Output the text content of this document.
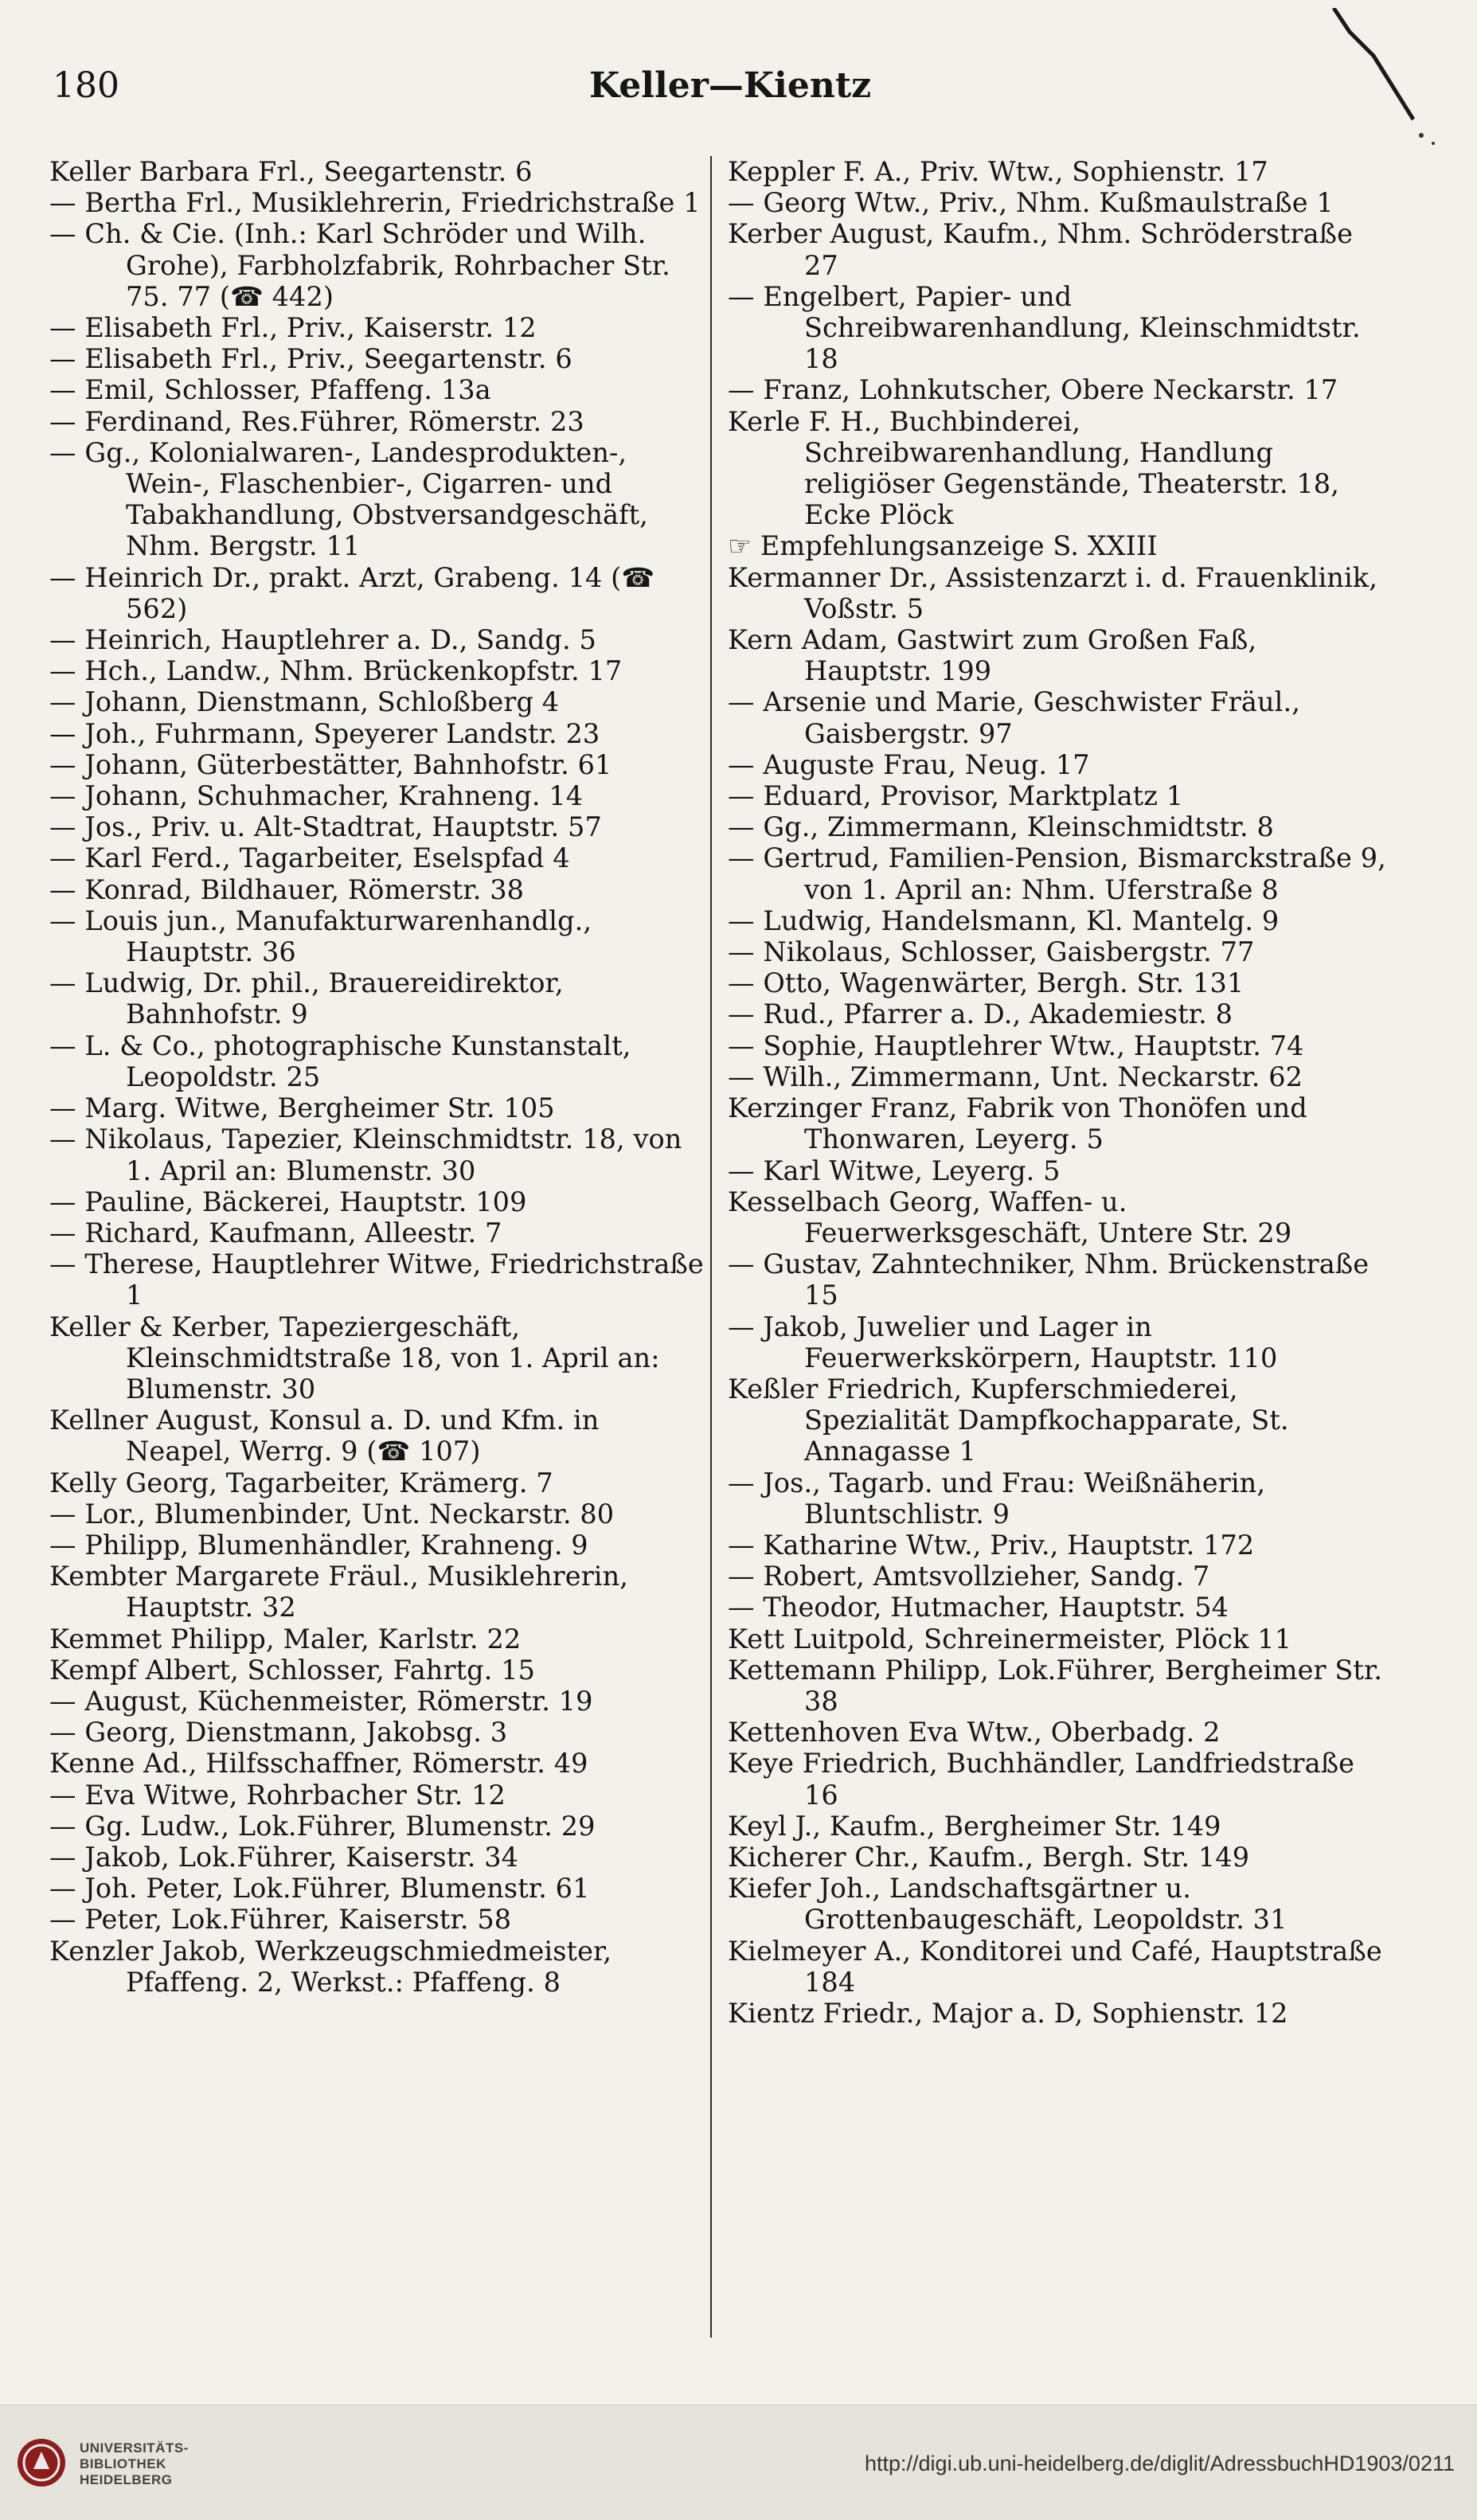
180	Keller—Kientz
Keller Barbara Frl., Seegartenstr. 6
— Bertha Frl., Musiklehrerin, Friedrichstraße 1
— Ch. & Cie. (Inh.: Karl Schröder und Wilh. Grohe), Farbholzfabrik, Rohrbacher Str. 75. 77 (☎ 442)
— Elisabeth Frl., Priv., Kaiserstr. 12
— Elisabeth Frl., Priv., Seegartenstr. 6
— Emil, Schlosser, Pfaffeng. 13a
— Ferdinand, Res.Führer, Römerstr. 23
— Gg., Kolonialwaren-, Landesprodukten-, Wein-, Flaschenbier-, Cigarren- und Tabakhandlung, Obstversandgeschäft, Nhm. Bergstr. 11
— Heinrich Dr., prakt. Arzt, Grabeng. 14 (☎ 562)
— Heinrich, Hauptlehrer a. D., Sandg. 5
— Hch., Landw., Nhm. Brückenkopfstr. 17
— Johann, Dienstmann, Schloßberg 4
— Joh., Fuhrmann, Speyerer Landstr. 23
— Johann, Güterbestätter, Bahnhofstr. 61
— Johann, Schuhmacher, Krahneng. 14
— Jos., Priv. u. Alt-Stadtrat, Hauptstr. 57
— Karl Ferd., Tagarbeiter, Eselspfad 4
— Konrad, Bildhauer, Römerstr. 38
— Louis jun., Manufakturwarenhandlg., Hauptstr. 36
— Ludwig, Dr. phil., Brauereidirektor, Bahnhofstr. 9
— L. & Co., photographische Kunstanstalt, Leopoldstr. 25
— Marg. Witwe, Bergheimer Str. 105
— Nikolaus, Tapezier, Kleinschmidtstr. 18, von 1. April an: Blumenstr. 30
— Pauline, Bäckerei, Hauptstr. 109
— Richard, Kaufmann, Alleestr. 7
— Therese, Hauptlehrer Witwe, Friedrichstraße 1
Keller & Kerber, Tapeziergeschäft, Kleinschmidtstraße 18, von 1. April an: Blumenstr. 30
Kellner August, Konsul a. D. und Kfm. in Neapel, Werrg. 9 (☎ 107)
Kelly Georg, Tagarbeiter, Krämerg. 7
— Lor., Blumenbinder, Unt. Neckarstr. 80
— Philipp, Blumenhändler, Krahneng. 9
Kembter Margarete Fräul., Musiklehrerin, Hauptstr. 32
Kemmet Philipp, Maler, Karlstr. 22
Kempf Albert, Schlosser, Fahrtg. 15
— August, Küchenmeister, Römerstr. 19
— Georg, Dienstmann, Jakobsg. 3
Kenne Ad., Hilfsschaffner, Römerstr. 49
— Eva Witwe, Rohrbacher Str. 12
— Gg. Ludw., Lok.Führer, Blumenstr. 29
— Jakob, Lok.Führer, Kaiserstr. 34
— Joh. Peter, Lok.Führer, Blumenstr. 61
— Peter, Lok.Führer, Kaiserstr. 58
Kenzler Jakob, Werkzeugschmiedmeister, Pfaffeng. 2, Werkst.: Pfaffeng. 8
Keppler F. A., Priv. Wtw., Sophienstr. 17
— Georg Wtw., Priv., Nhm. Kußmaulstraße 1
Kerber August, Kaufm., Nhm. Schröderstraße 27
— Engelbert, Papier- und Schreibwarenhandlung, Kleinschmidtstr. 18
— Franz, Lohnkutscher, Obere Neckarstr. 17
Kerle F. H., Buchbinderei, Schreibwarenhandlung, Handlung religiöser Gegenstände, Theaterstr. 18, Ecke Plöck
☞ Empfehlungsanzeige S. XXIII
Kermanner Dr., Assistenzarzt i. d. Frauenklinik, Voßstr. 5
Kern Adam, Gastwirt zum Großen Faß, Hauptstr. 199
— Arsenie und Marie, Geschwister Fräul., Gaisbergstr. 97
— Auguste Frau, Neug. 17
— Eduard, Provisor, Marktplatz 1
— Gg., Zimmermann, Kleinschmidtstr. 8
— Gertrud, Familien-Pension, Bismarckstraße 9, von 1. April an: Nhm. Uferstraße 8
— Ludwig, Handelsmann, Kl. Mantelg. 9
— Nikolaus, Schlosser, Gaisbergstr. 77
— Otto, Wagenwärter, Bergh. Str. 131
— Rud., Pfarrer a. D., Akademiestr. 8
— Sophie, Hauptlehrer Wtw., Hauptstr. 74
— Wilh., Zimmermann, Unt. Neckarstr. 62
Kerzinger Franz, Fabrik von Thonöfen und Thonwaren, Leyerg. 5
— Karl Witwe, Leyerg. 5
Kesselbach Georg, Waffen- u. Feuerwerksgeschäft, Untere Str. 29
— Gustav, Zahntechniker, Nhm. Brückenstraße 15
— Jakob, Juwelier und Lager in Feuerwerkskörpern, Hauptstr. 110
Keßler Friedrich, Kupferschmiederei, Spezialität Dampfkochapparate, St. Annagasse 1
— Jos., Tagarb. und Frau: Weißnäherin, Bluntschlistr. 9
— Katharine Wtw., Priv., Hauptstr. 172
— Robert, Amtsvollzieher, Sandg. 7
— Theodor, Hutmacher, Hauptstr. 54
Kett Luitpold, Schreinermeister, Plöck 11
Kettemann Philipp, Lok.Führer, Bergheimer Str. 38
Kettenhoven Eva Wtw., Oberbadg. 2
Keye Friedrich, Buchhändler, Landfriedstraße 16
Keyl J., Kaufm., Bergheimer Str. 149
Kicherer Chr., Kaufm., Bergh. Str. 149
Kiefer Joh., Landschaftsgärtner u. Grottenbaugeschäft, Leopoldstr. 31
Kielmeyer A., Konditorei und Café, Hauptstraße 184
Kientz Friedr., Major a. D, Sophienstr. 12
UNIVERSITÄTS-
BIBLIOTHEK
HEIDELBERG
http://digi.ub.uni-heidelberg.de/diglit/AdressbuchHD1903/0211
